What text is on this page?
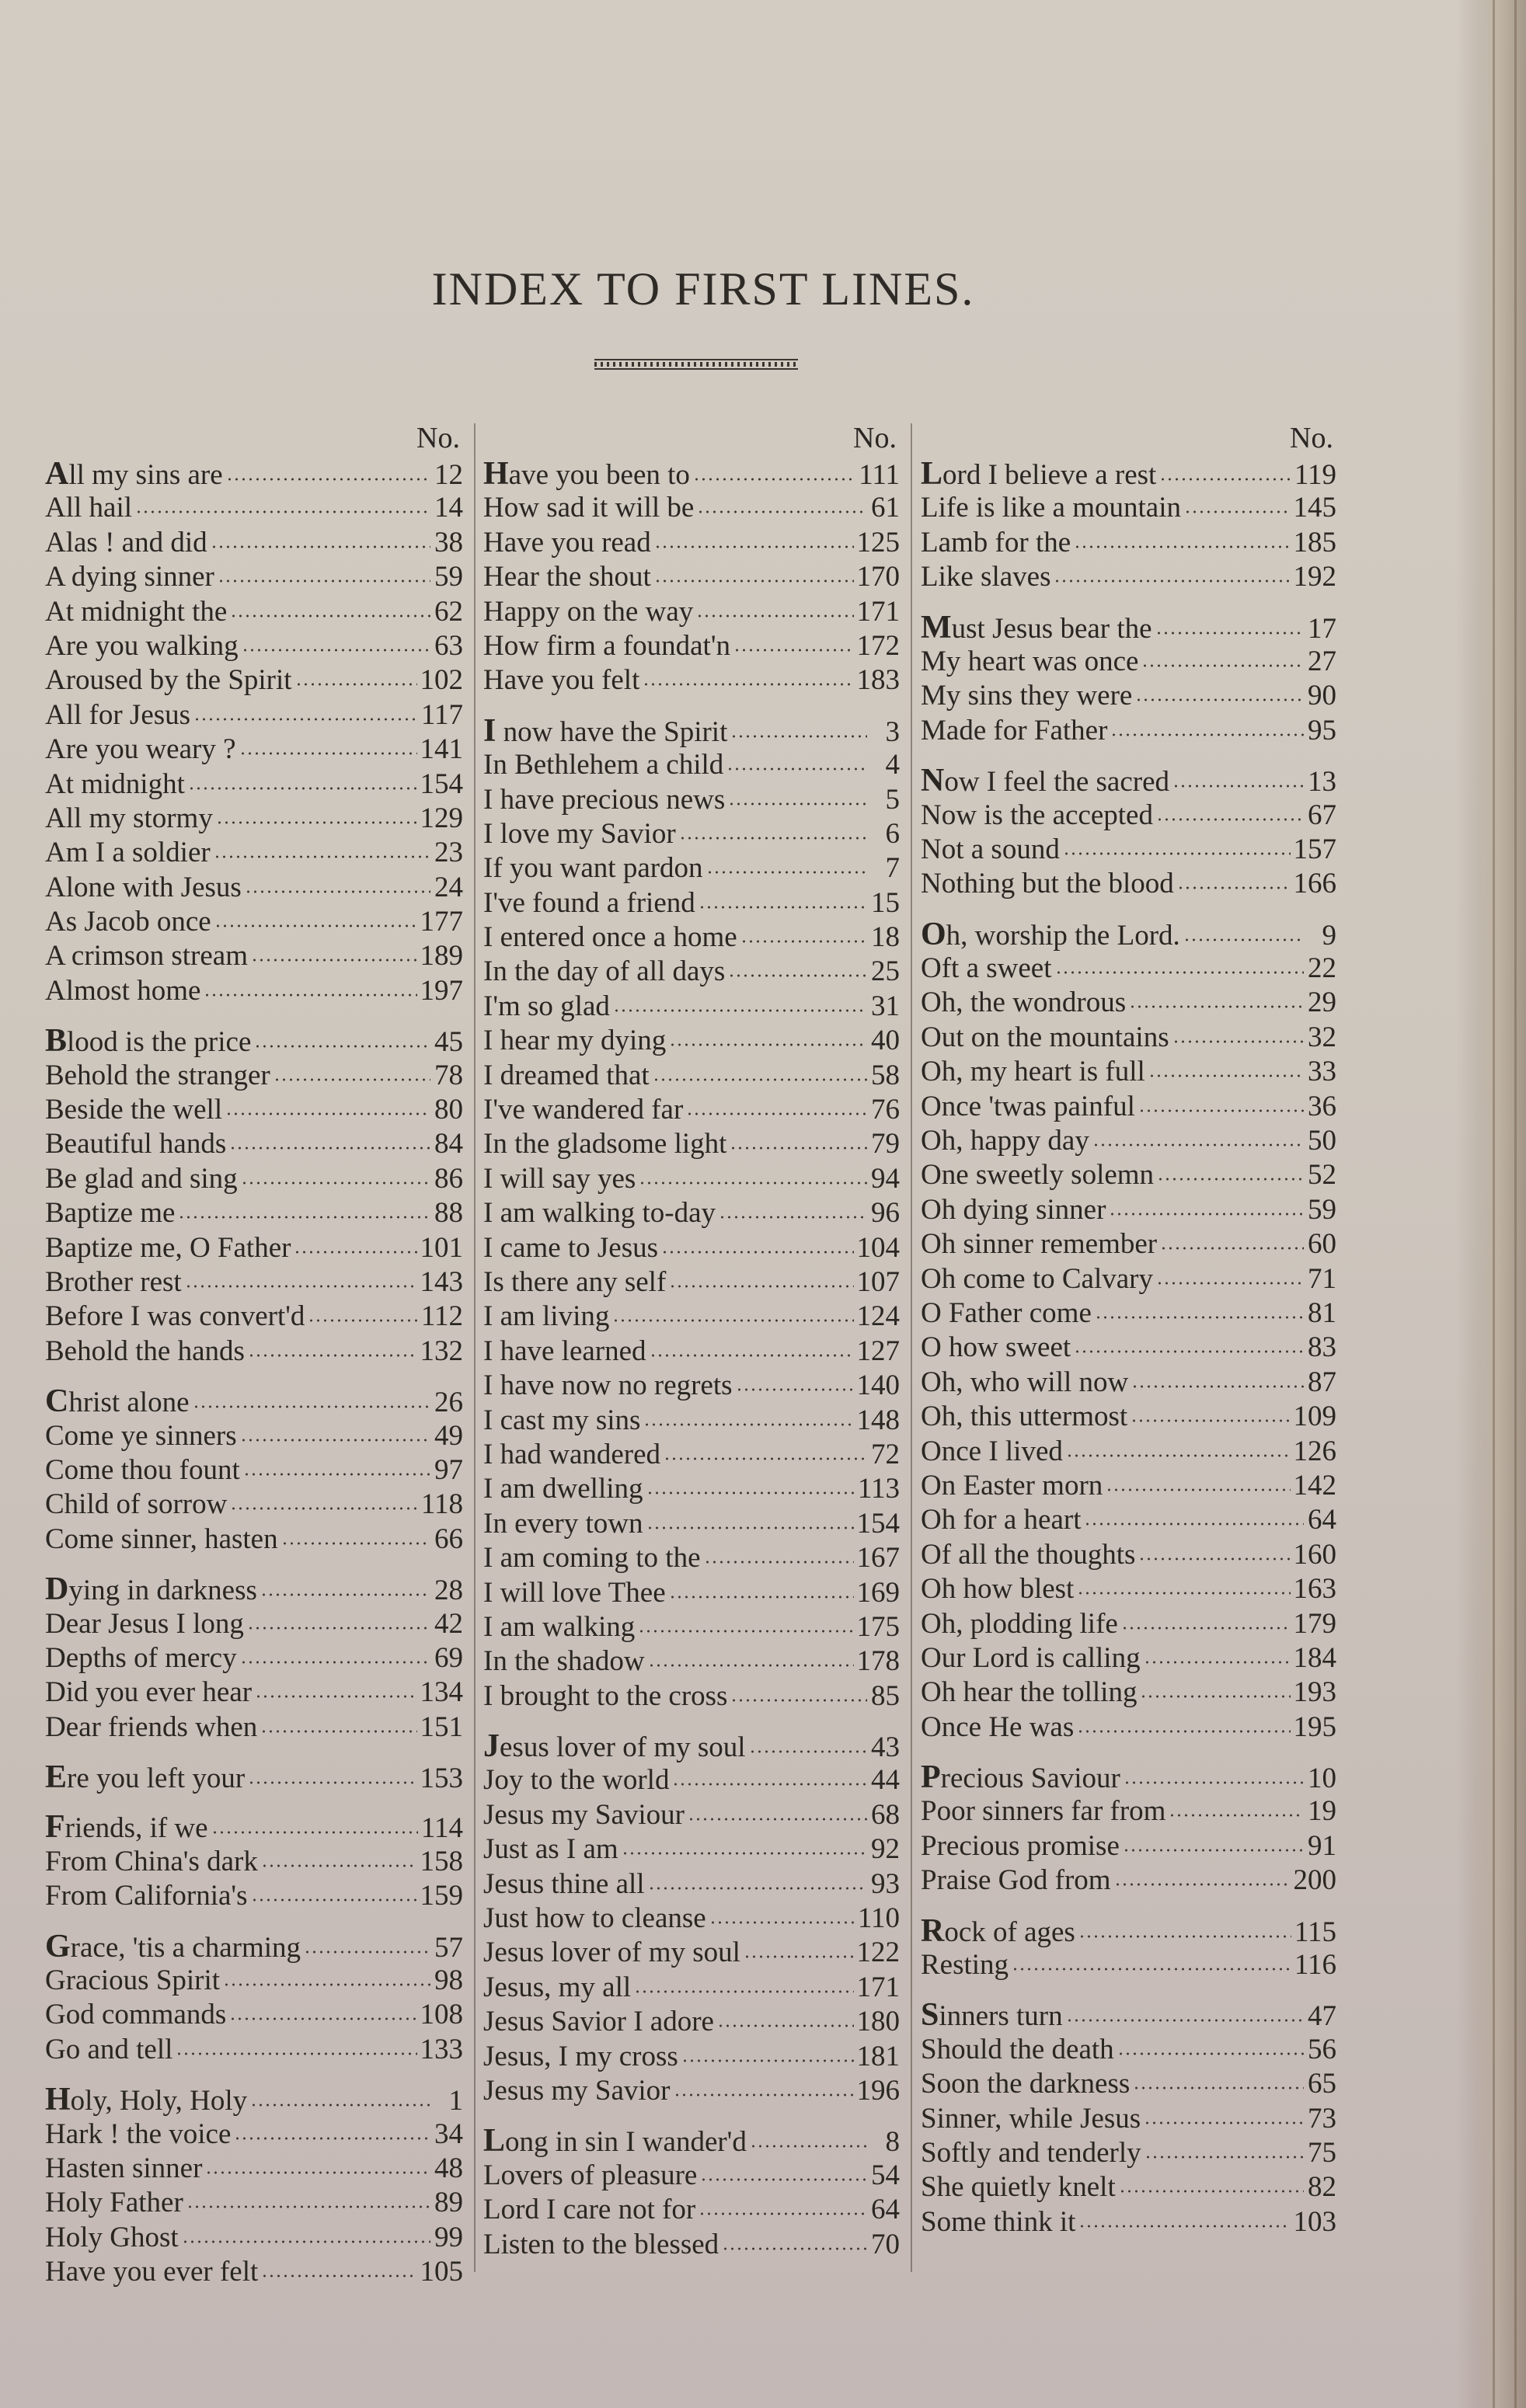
INDEX TO FIRST LINES.
No.
All my sins are	12
All hail	14
Alas ! and did	38
A dying sinner	59
At midnight the	62
Are you walking	63
Aroused by the Spirit	102
All for Jesus	117
Are you weary ?	141
At midnight	154
All my stormy	129
Am I a soldier	23
Alone with Jesus	24
As Jacob once	177
A crimson stream	189
Almost home	197
Blood is the price	45
Behold the stranger	78
Beside the well	80
Beautiful hands	84
Be glad and sing	86
Baptize me	88
Baptize me, O Father	101
Brother rest	143
Before I was convert'd	112
Behold the hands	132
Christ alone	26
Come ye sinners	49
Come thou fount	97
Child of sorrow	118
Come sinner, hasten	66
Dying in darkness	28
Dear Jesus I long	42
Depths of mercy	69
Did you ever hear	134
Dear friends when	151
Ere you left your	153
Friends, if we	114
From China's dark	158
From California's	159
Grace, 'tis a charming	57
Gracious Spirit	98
God commands	108
Go and tell	133
Holy, Holy, Holy	1
Hark ! the voice	34
Hasten sinner	48
Holy Father	89
Holy Ghost	99
Have you ever felt	105
No.
Have you been to	111
How sad it will be	61
Have you read	125
Hear the shout	170
Happy on the way	171
How firm a foundat'n	172
Have you felt	183
I now have the Spirit	3
In Bethlehem a child	4
I have precious news	5
I love my Savior	6
If you want pardon	7
I've found a friend	15
I entered once a home	18
In the day of all days	25
I'm so glad	31
I hear my dying	40
I dreamed that	58
I've wandered far	76
In the gladsome light	79
I will say yes	94
I am walking to-day	96
I came to Jesus	104
Is there any self	107
I am living	124
I have learned	127
I have now no regrets	140
I cast my sins	148
I had wandered	72
I am dwelling	113
In every town	154
I am coming to the	167
I will love Thee	169
I am walking	175
In the shadow	178
I brought to the cross	85
Jesus lover of my soul	43
Joy to the world	44
Jesus my Saviour	68
Just as I am	92
Jesus thine all	93
Just how to cleanse	110
Jesus lover of my soul	122
Jesus, my all	171
Jesus Savior I adore	180
Jesus, I my cross	181
Jesus my Savior	196
Long in sin I wander'd	8
Lovers of pleasure	54
Lord I care not for	64
Listen to the blessed	70
No.
Lord I believe a rest	119
Life is like a mountain	145
Lamb for the	185
Like slaves	192
Must Jesus bear the	17
My heart was once	27
My sins they were	90
Made for Father	95
Now I feel the sacred	13
Now is the accepted	67
Not a sound	157
Nothing but the blood	166
Oh, worship the Lord.	9
Oft a sweet	22
Oh, the wondrous	29
Out on the mountains	32
Oh, my heart is full	33
Once 'twas painful	36
Oh, happy day	50
One sweetly solemn	52
Oh dying sinner	59
Oh sinner remember	60
Oh come to Calvary	71
O Father come	81
O how sweet	83
Oh, who will now	87
Oh, this uttermost	109
Once I lived	126
On Easter morn	142
Oh for a heart	64
Of all the thoughts	160
Oh how blest	163
Oh, plodding life	179
Our Lord is calling	184
Oh hear the tolling	193
Once He was	195
Precious Saviour	10
Poor sinners far from	19
Precious promise	91
Praise God from	200
Rock of ages	115
Resting	116
Sinners turn	47
Should the death	56
Soon the darkness	65
Sinner, while Jesus	73
Softly and tenderly	75
She quietly knelt	82
Some think it	103
